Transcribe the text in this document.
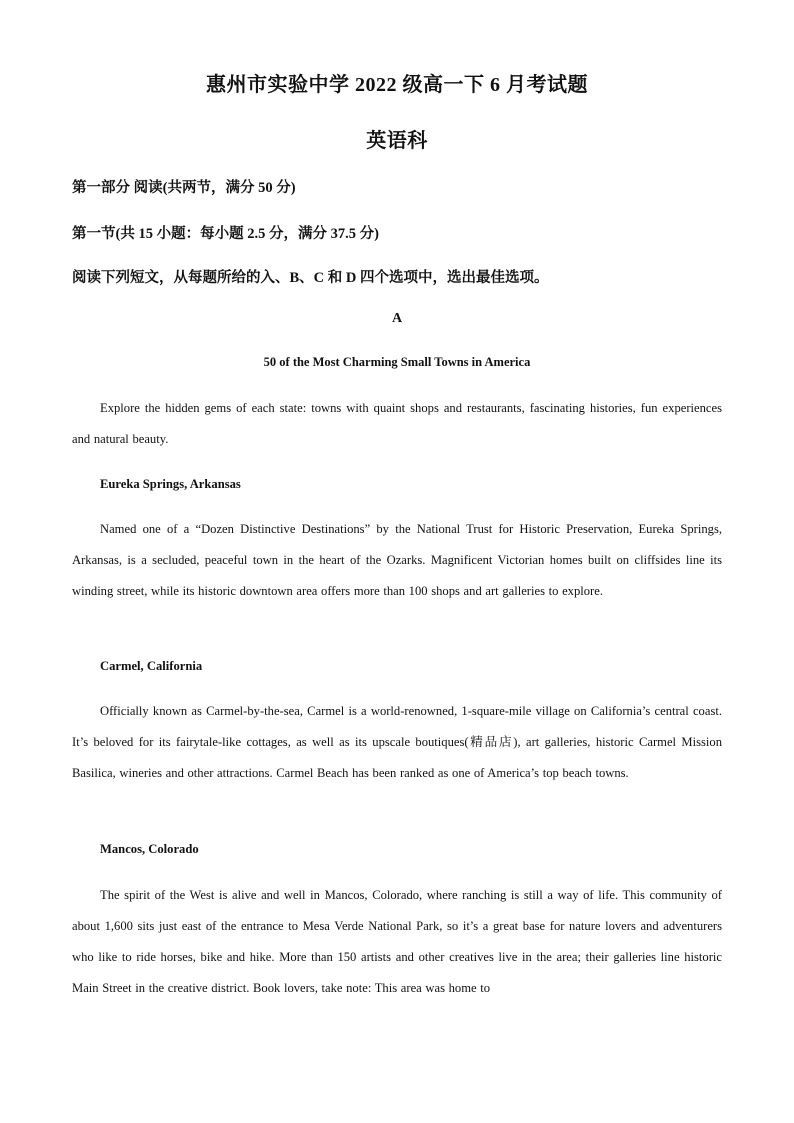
惠州市实验中学 2022 级高一下 6 月考试题
英语科
第一部分 阅读(共两节，满分 50 分)
第一节(共 15 小题：每小题 2.5 分，满分 37.5 分)
阅读下列短文，从每题所给的入、B、C 和 D 四个选项中，选出最佳选项。
A
50 of the Most Charming Small Towns in America
Explore the hidden gems of each state: towns with quaint shops and restaurants, fascinating histories, fun experiences and natural beauty.
Eureka Springs, Arkansas
Named one of a “Dozen Distinctive Destinations” by the National Trust for Historic Preservation, Eureka Springs, Arkansas, is a secluded, peaceful town in the heart of the Ozarks. Magnificent Victorian homes built on cliffsides line its winding street, while its historic downtown area offers more than 100 shops and art galleries to explore.
Carmel, California
Officially known as Carmel-by-the-sea, Carmel is a world-renowned, 1-square-mile village on California’s central coast. It’s beloved for its fairytale-like cottages, as well as its upscale boutiques(精品店), art galleries, historic Carmel Mission Basilica, wineries and other attractions. Carmel Beach has been ranked as one of America’s top beach towns.
Mancos, Colorado
The spirit of the West is alive and well in Mancos, Colorado, where ranching is still a way of life. This community of about 1,600 sits just east of the entrance to Mesa Verde National Park, so it’s a great base for nature lovers and adventurers who like to ride horses, bike and hike. More than 150 artists and other creatives live in the area; their galleries line historic Main Street in the creative district. Book lovers, take note: This area was home to
